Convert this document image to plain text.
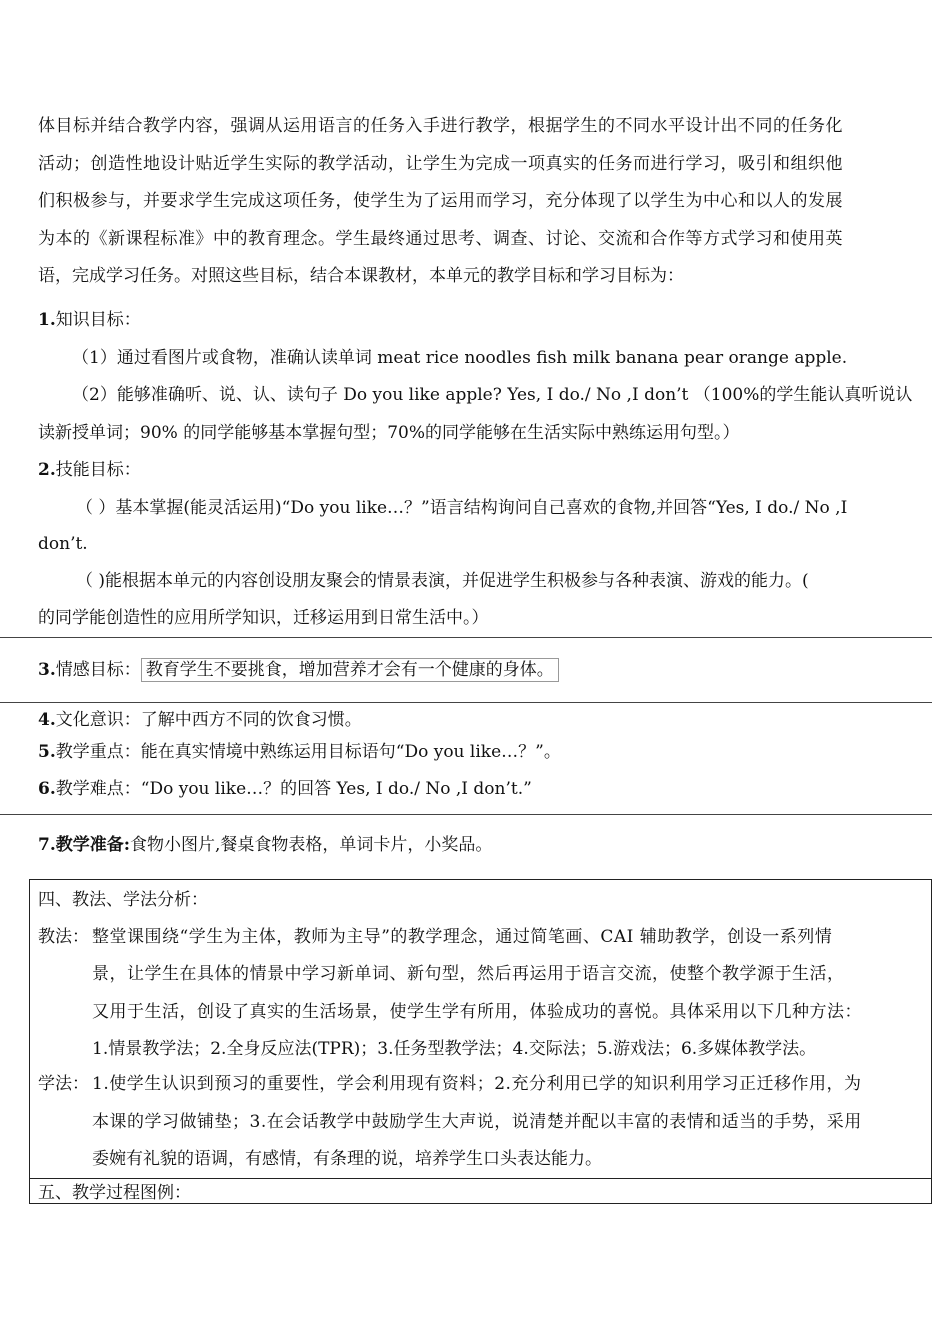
体目标并结合教学内容，强调从运用语言的任务入手进行教学，根据学生的不同水平设计出不同的任务化
活动；创造性地设计贴近学生实际的教学活动，让学生为完成一项真实的任务而进行学习，吸引和组织他
们积极参与，并要求学生完成这项任务，使学生为了运用而学习，充分体现了以学生为中心和以人的发展
为本的《新课程标准》中的教育理念。学生最终通过思考、调查、讨论、交流和合作等方式学习和使用英
语，完成学习任务。对照这些目标，结合本课教材，本单元的教学目标和学习目标为：
1.知识目标：
（1）通过看图片或食物，准确认读单词 meat rice noodles fish milk banana pear orange apple.
（2）能够准确听、说、认、读句子 Do you like apple? Yes, I do./ No ,I don’t （100%的学生能认真听说认
读新授单词；90% 的同学能够基本掌握句型；70%的同学能够在生活实际中熟练运用句型。）
2.技能目标：
（ ）基本掌握(能灵活运用)“Do you like…？”语言结构询问自己喜欢的食物,并回答“Yes, I do./ No ,I
don’t.
（ )能根据本单元的内容创设朋友聚会的情景表演，并促进学生积极参与各种表演、游戏的能力。(
的同学能创造性的应用所学知识，迁移运用到日常生活中。）
3.情感目标： 教育学生不要挑食，增加营养才会有一个健康的身体。
4.文化意识：了解中西方不同的饮食习惯。
5.教学重点：能在真实情境中熟练运用目标语句“Do you like…？”。
6.教学难点：“Do you like…？的回答 Yes, I do./ No ,I don’t.”
7.教学准备:食物小图片,餐桌食物表格，单词卡片，小奖品。
四、教法、学法分析：
教法： 整堂课围绕“学生为主体，教师为主导”的教学理念，通过简笔画、CAI 辅助教学，创设一系列情
景，让学生在具体的情景中学习新单词、新句型，然后再运用于语言交流，使整个教学源于生活，
又用于生活，创设了真实的生活场景，使学生学有所用，体验成功的喜悦。具体采用以下几种方法：
1.情景教学法；2.全身反应法(TPR)；3.任务型教学法；4.交际法；5.游戏法；6.多媒体教学法。
学法： 1.使学生认识到预习的重要性，学会利用现有资料；2.充分利用已学的知识利用学习正迁移作用，为
本课的学习做铺垫；3.在会话教学中鼓励学生大声说，说清楚并配以丰富的表情和适当的手势，采用
委婉有礼貌的语调，有感情，有条理的说，培养学生口头表达能力。
五、教学过程图例：
